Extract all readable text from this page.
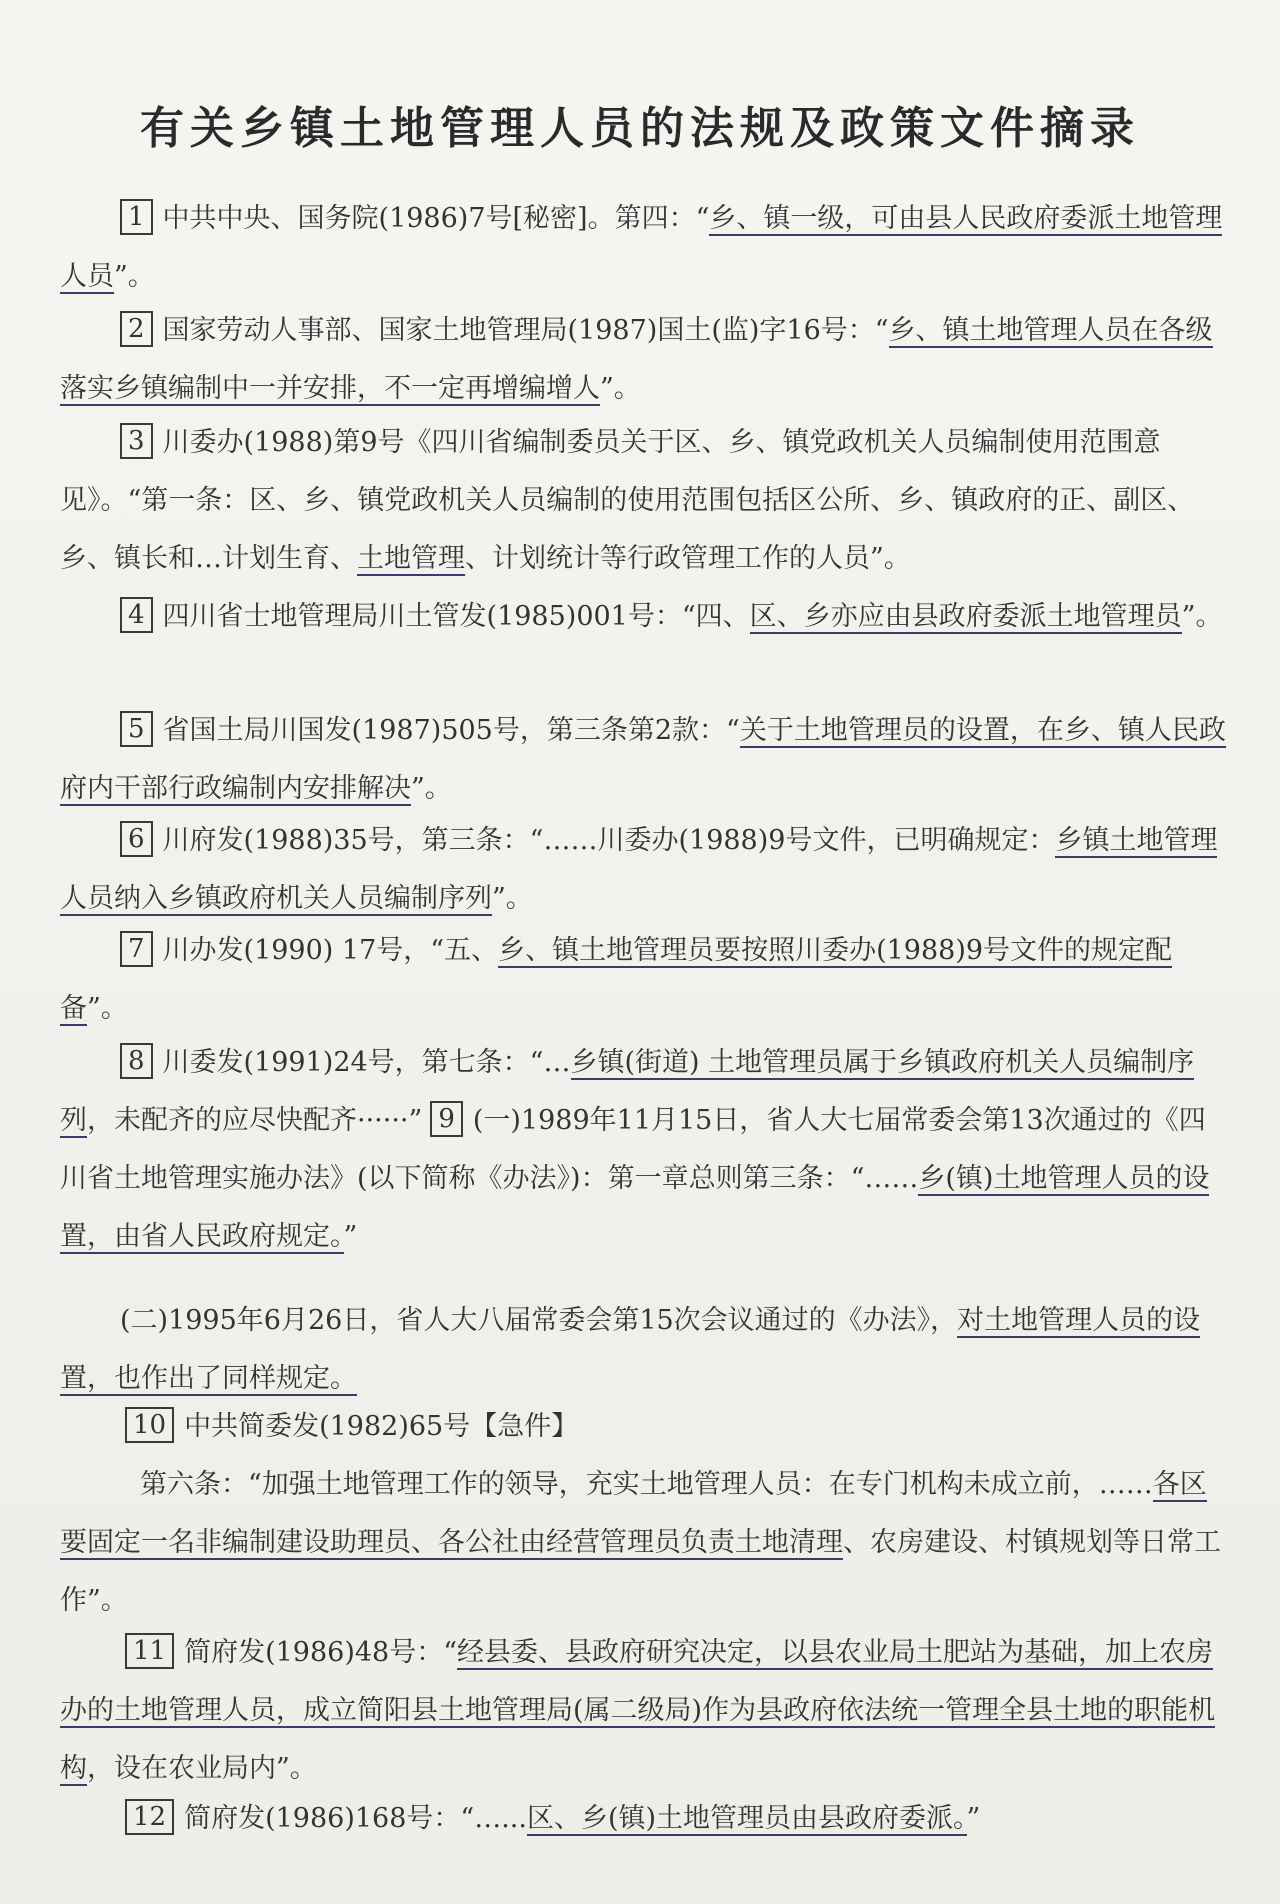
有关乡镇土地管理人员的法规及政策文件摘录
1 中共中央、国务院(1986)7号[秘密]。第四：“乡、镇一级，可由县人民政府委派土地管理人员”。
2 国家劳动人事部、国家土地管理局(1987)国土(监)字16号：“乡、镇土地管理人员在各级落实乡镇编制中一并安排，不一定再增编增人”。
3 川委办(1988)第9号《四川省编制委员关于区、乡、镇党政机关人员编制使用范围意见》。“第一条：区、乡、镇党政机关人员编制的使用范围包括区公所、乡、镇政府的正、副区、乡、镇长和…计划生育、土地管理、计划统计等行政管理工作的人员”。
4 四川省士地管理局川土管发(1985)001号：“四、区、乡亦应由县政府委派土地管理员”。
5 省国土局川国发(1987)505号，第三条第2款：“关于土地管理员的设置，在乡、镇人民政府内干部行政编制内安排解决”。
6 川府发(1988)35号，第三条：“……川委办(1988)9号文件，已明确规定：乡镇土地管理人员纳入乡镇政府机关人员编制序列”。
7 川办发(1990) 17号，“五、乡、镇土地管理员要按照川委办(1988)9号文件的规定配备”。
8 川委发(1991)24号，第七条：“…乡镇(街道) 土地管理员属于乡镇政府机关人员编制序列，未配齐的应尽快配齐······” 9 (一)1989年11月15日，省人大七届常委会第13次通过的《四川省土地管理实施办法》(以下简称《办法》)：第一章总则第三条：“……乡(镇)土地管理人员的设置，由省人民政府规定。”
(二)1995年6月26日，省人大八届常委会第15次会议通过的《办法》，对土地管理人员的设置，也作出了同样规定。
10 中共简委发(1982)65号【急件】
第六条：“加强土地管理工作的领导，充实土地管理人员：在专门机构未成立前，……各区要固定一名非编制建设助理员、各公社由经营管理员负责土地清理、农房建设、村镇规划等日常工作”。
11 简府发(1986)48号：“经县委、县政府研究决定，以县农业局土肥站为基础，加上农房办的土地管理人员，成立简阳县土地管理局(属二级局)作为县政府依法统一管理全县土地的职能机构，设在农业局内”。
12 简府发(1986)168号：“…...区、乡(镇)土地管理员由县政府委派。”
